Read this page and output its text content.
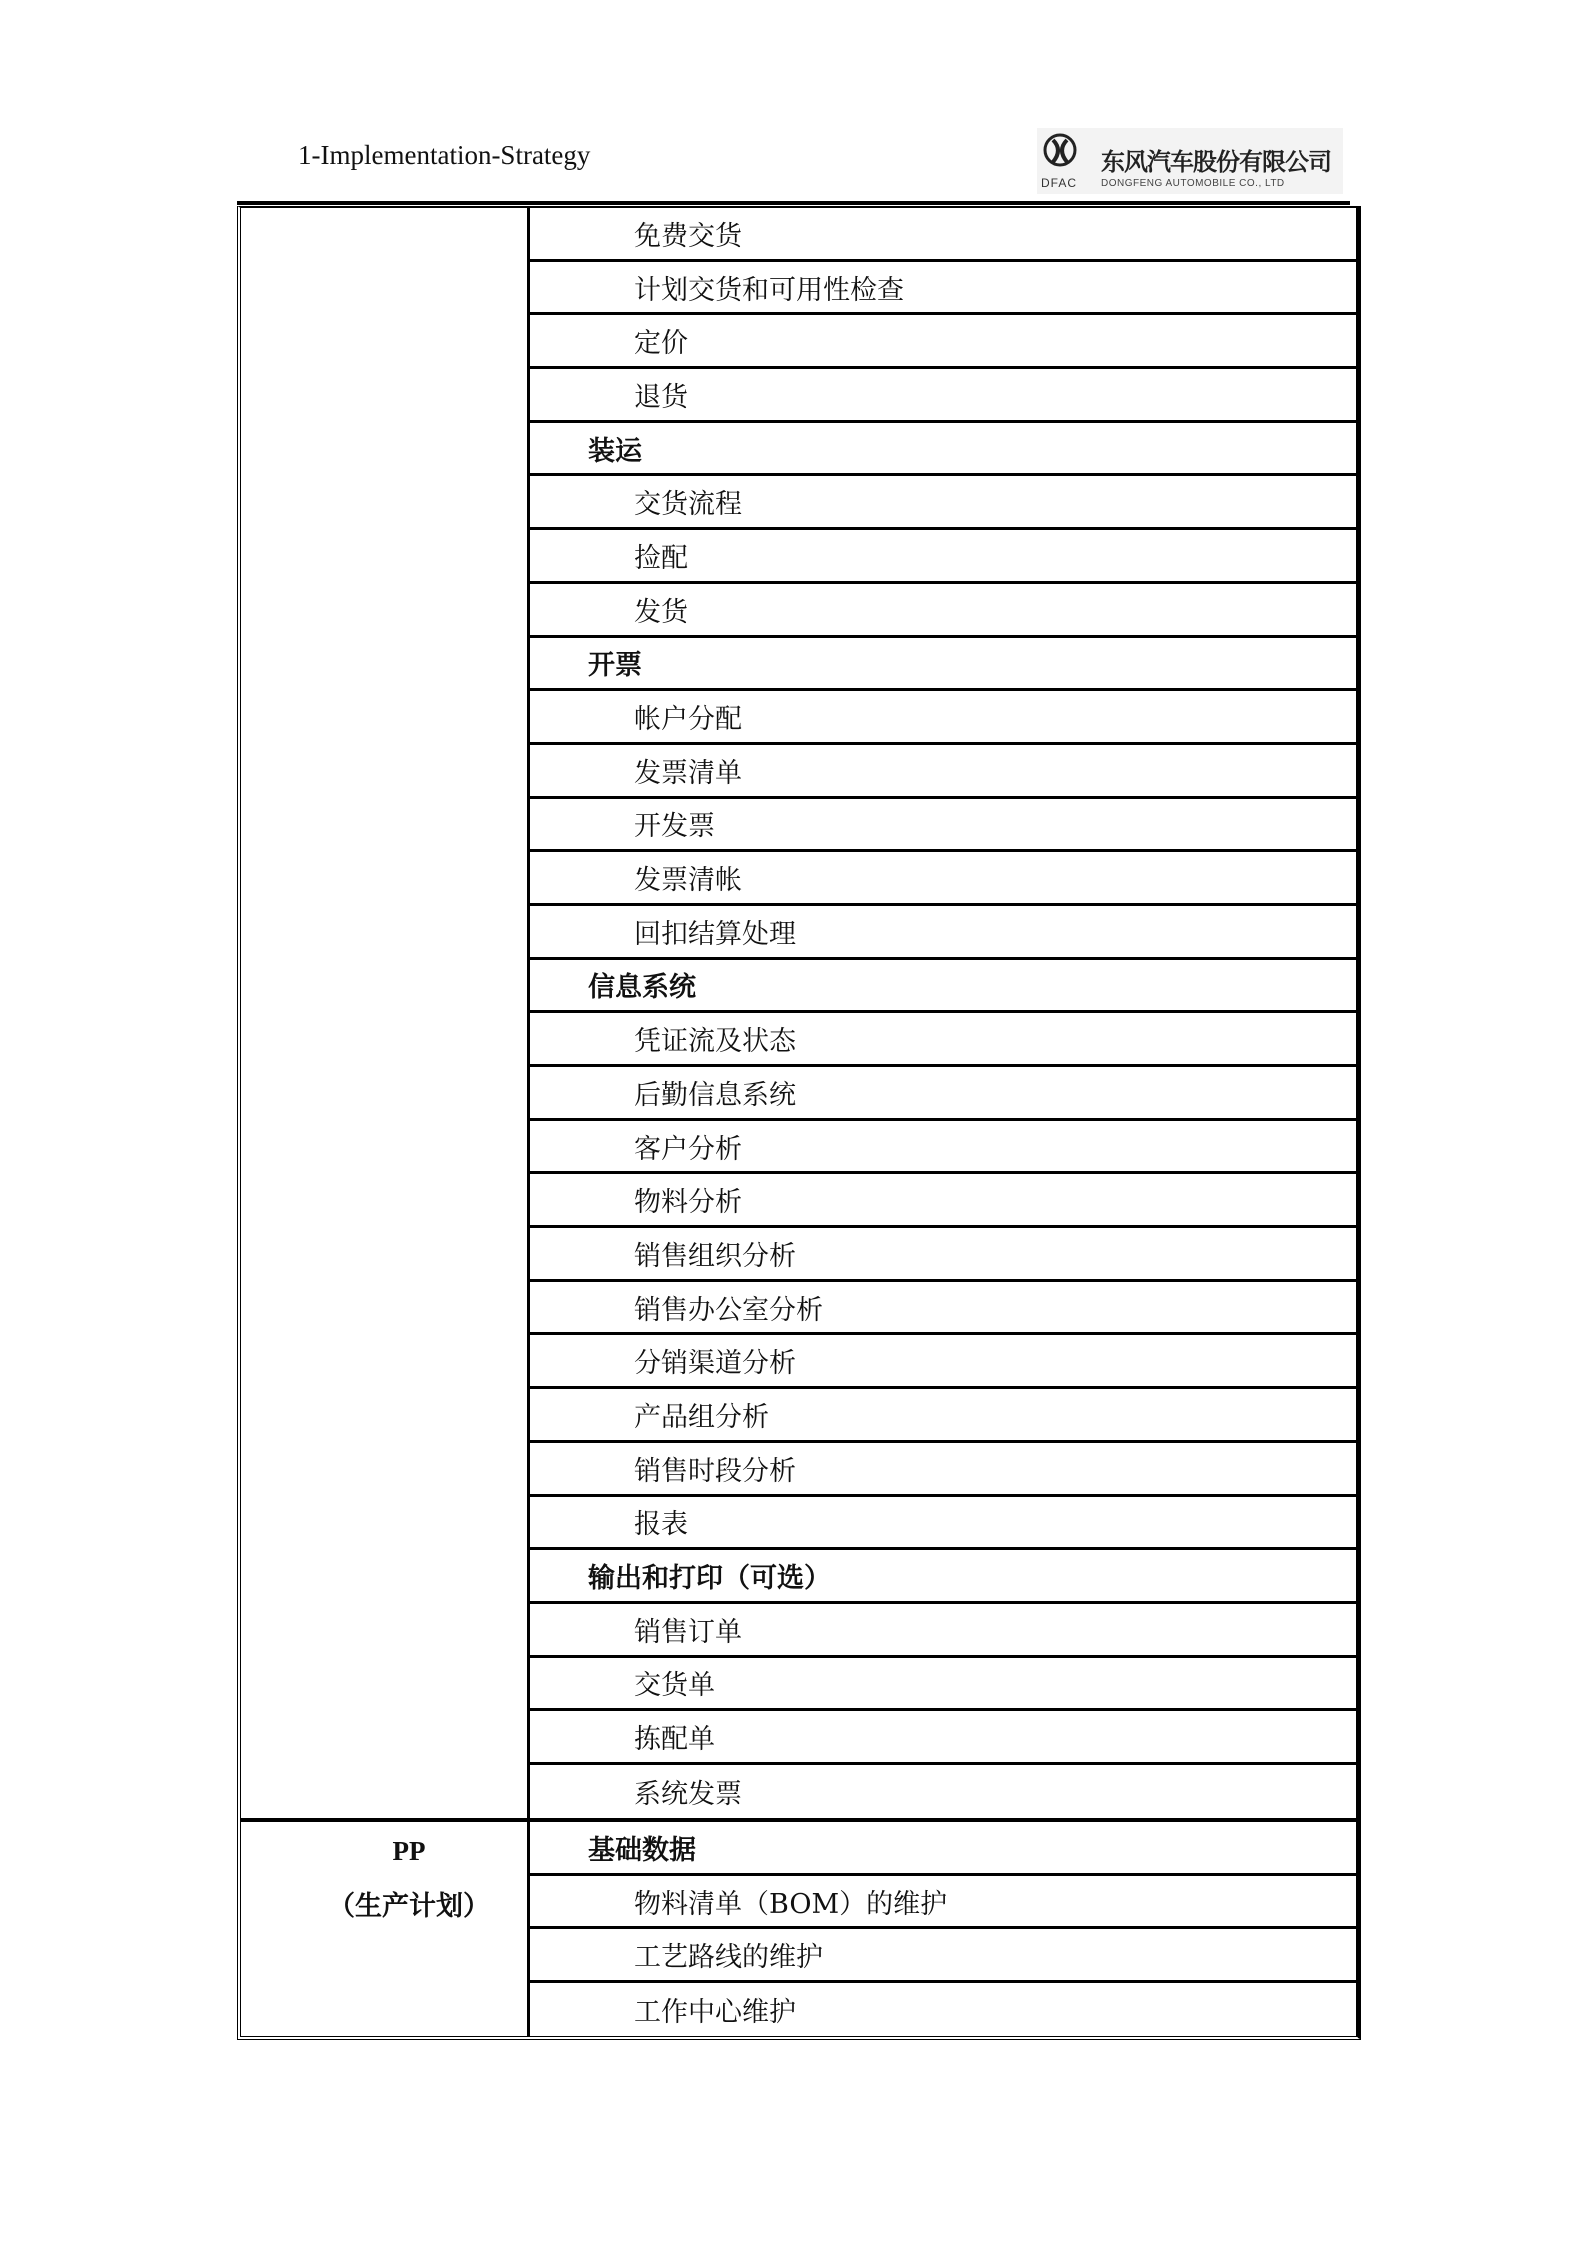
1-Implementation-Strategy
DFAC
东风汽车股份有限公司
DONGFENG AUTOMOBILE CO., LTD
免费交货
计划交货和可用性检查
定价
退货
装运
交货流程
捡配
发货
开票
帐户分配
发票清单
开发票
发票清帐
回扣结算处理
信息系统
凭证流及状态
后勤信息系统
客户分析
物料分析
销售组织分析
销售办公室分析
分销渠道分析
产品组分析
销售时段分析
报表
输出和打印（可选）
销售订单
交货单
拣配单
系统发票
PP
（生产计划）
基础数据
物料清单（BOM）的维护
工艺路线的维护
工作中心维护
